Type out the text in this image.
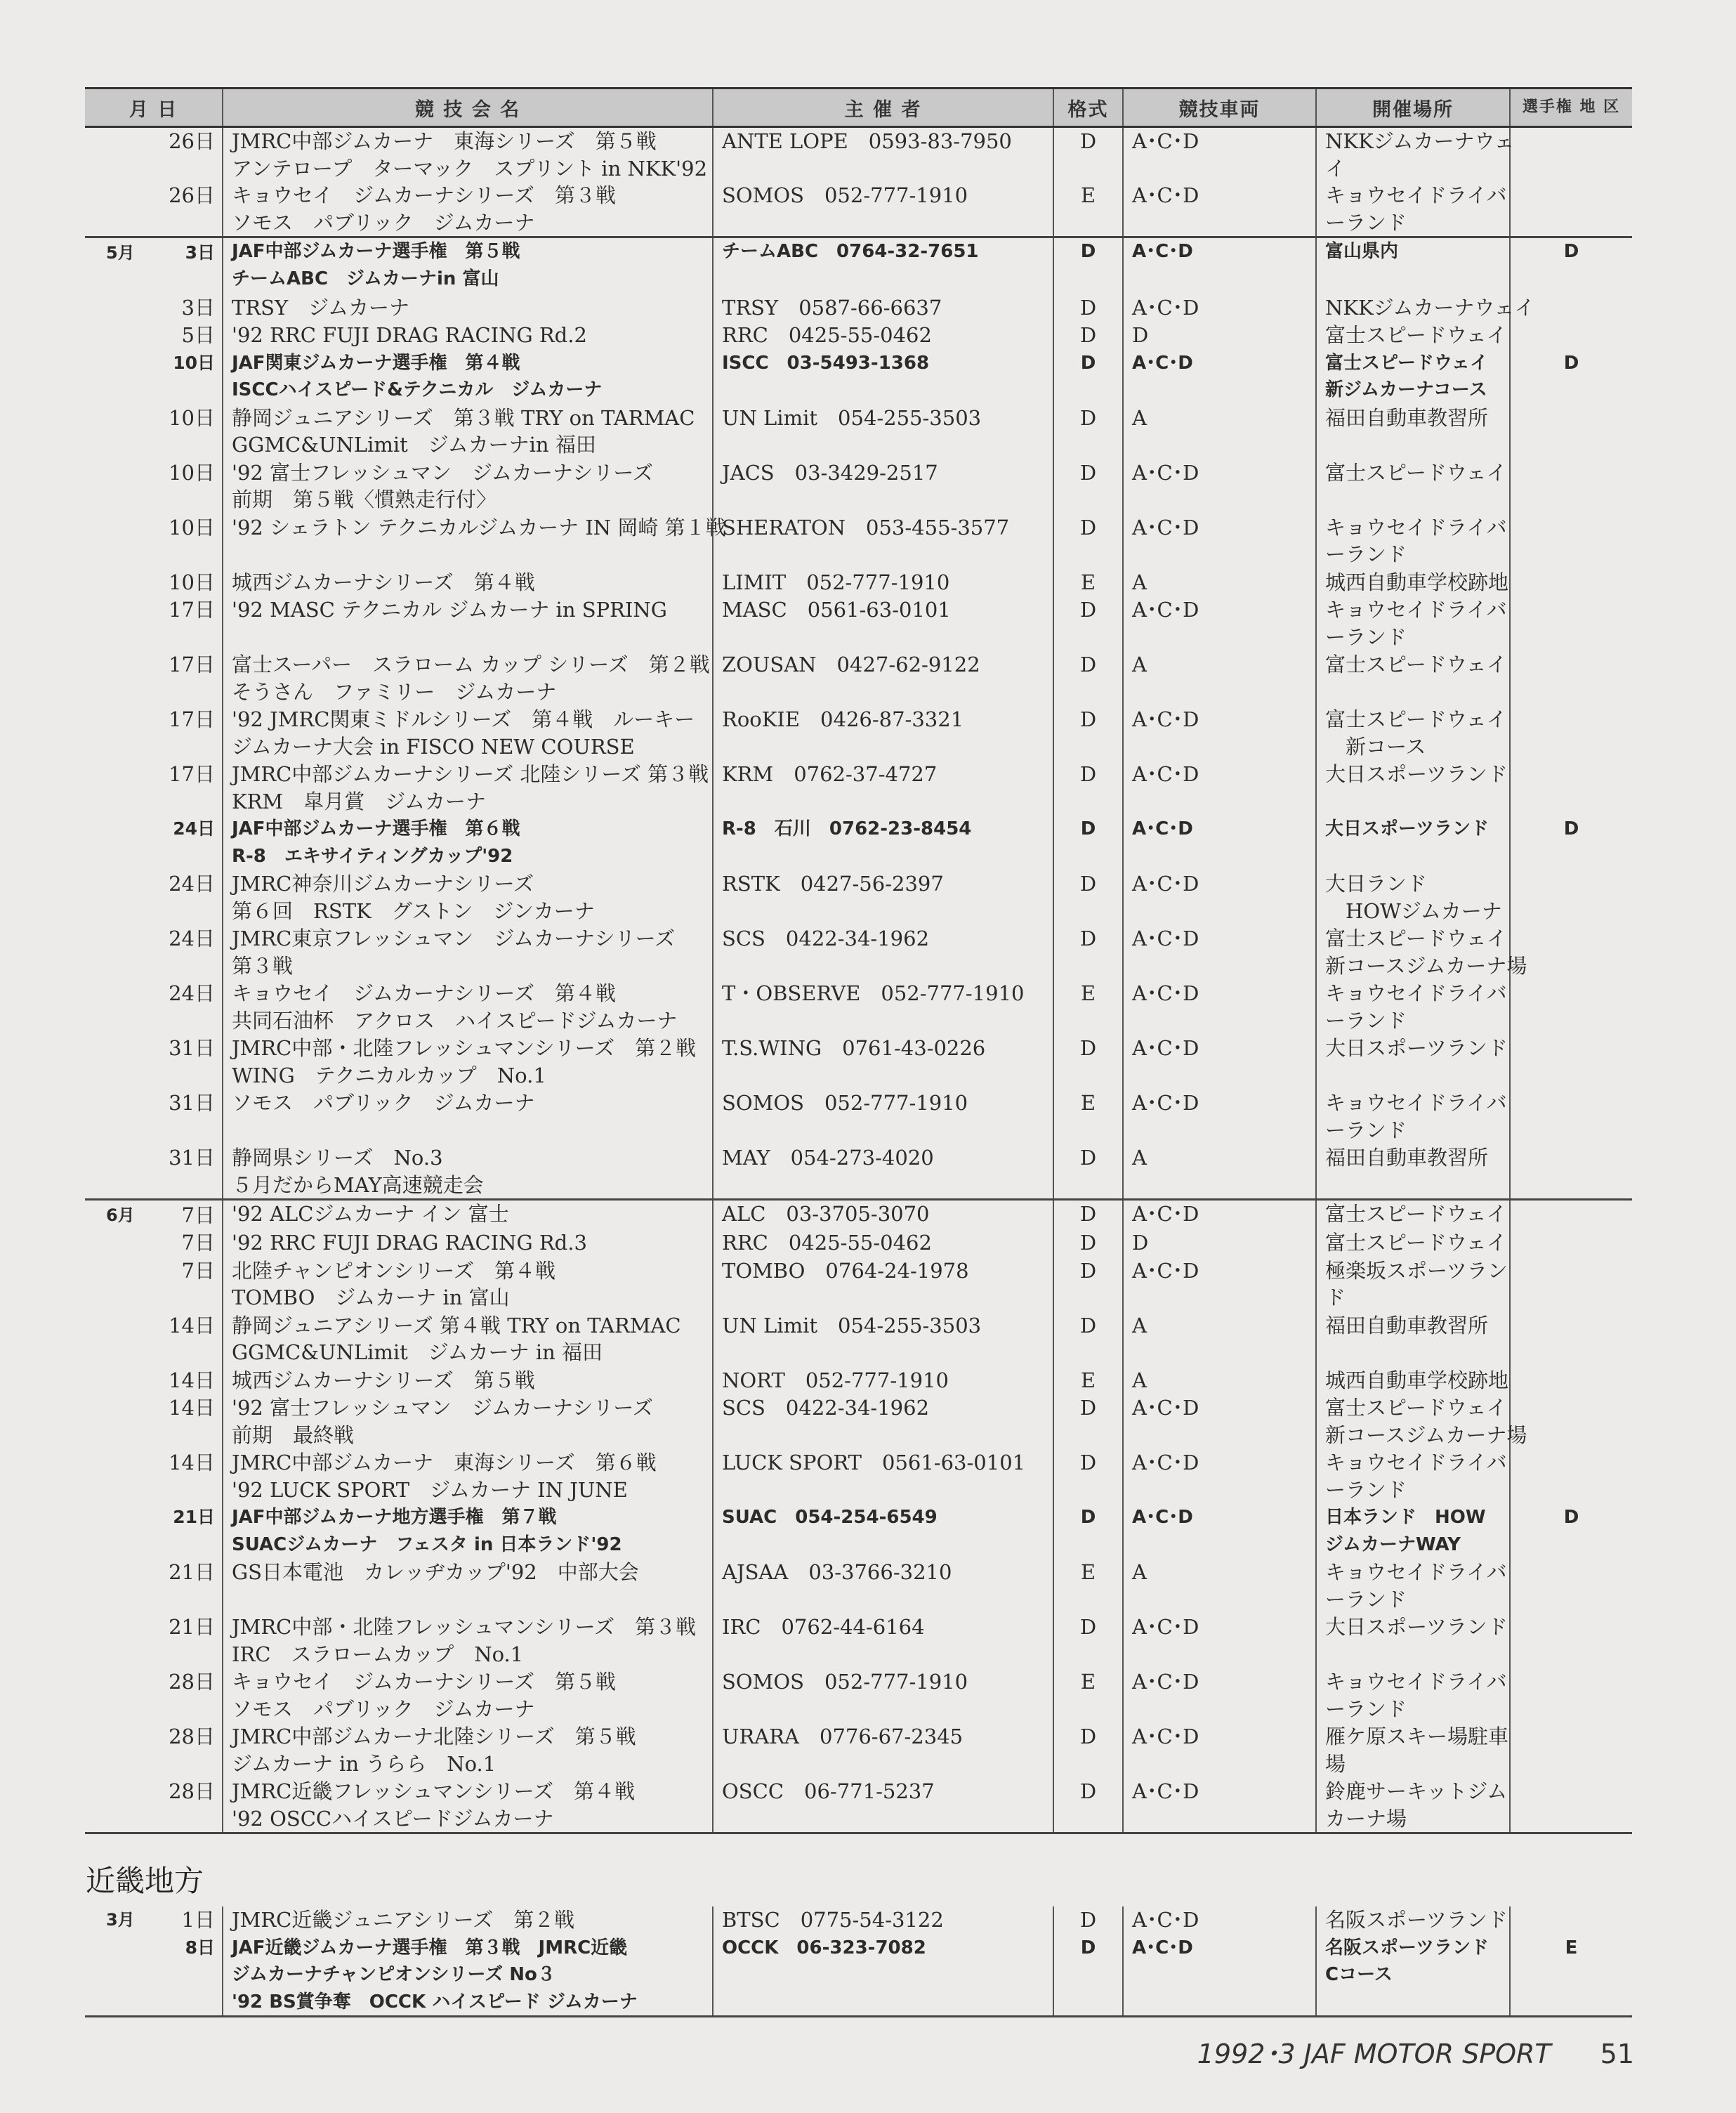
月 日	競 技 会 名	主 催 者	格式	競技車両	開催場所	選手権 地 区

26日	JMRC中部ジムカーナ　東海シリーズ　第５戦
アンテロープ　ターマック　スプリント in NKK'92	ANTE LOPE　0593-83-7950	D	A･C･D	NKKジムカーナウェ
イ	

26日	キョウセイ　ジムカーナシリーズ　第３戦
ソモス　パブリック　ジムカーナ	SOMOS　052-777-1910	E	A･C･D	キョウセイドライバ
ーランド	

5月 3日	JAF中部ジムカーナ選手権　第５戦
チームABC　ジムカーナin 富山	チームABC　0764-32-7651	D	A･C･D	富山県内	D

3日	TRSY　ジムカーナ	TRSY　0587-66-6637	D	A･C･D	NKKジムカーナウェイ	

5日	'92 RRC FUJI DRAG RACING Rd.2	RRC　0425-55-0462	D	D	富士スピードウェイ	

10日	JAF関東ジムカーナ選手権　第４戦
ISCCハイスピード&テクニカル　ジムカーナ	ISCC　03-5493-1368	D	A･C･D	富士スピードウェイ
新ジムカーナコース	D

10日	静岡ジュニアシリーズ　第３戦 TRY on TARMAC
GGMC&UNLimit　ジムカーナin 福田	UN Limit　054-255-3503	D	A	福田自動車教習所	

10日	'92 富士フレッシュマン　ジムカーナシリーズ
前期　第５戦〈慣熟走行付〉	JACS　03-3429-2517	D	A･C･D	富士スピードウェイ	

10日	'92 シェラトン テクニカルジムカーナ IN 岡崎 第１戦	SHERATON　053-455-3577	D	A･C･D	キョウセイドライバ
ーランド	

10日	城西ジムカーナシリーズ　第４戦	LIMIT　052-777-1910	E	A	城西自動車学校跡地	

17日	'92 MASC テクニカル ジムカーナ in SPRING	MASC　0561-63-0101	D	A･C･D	キョウセイドライバ
ーランド	

17日	富士スーパー　スラローム カップ シリーズ　第２戦
そうさん　ファミリー　ジムカーナ	ZOUSAN　0427-62-9122	D	A	富士スピードウェイ	

17日	'92 JMRC関東ミドルシリーズ　第４戦　ルーキー
ジムカーナ大会 in FISCO NEW COURSE	RooKIE　0426-87-3321	D	A･C･D	富士スピードウェイ
　新コース	

17日	JMRC中部ジムカーナシリーズ 北陸シリーズ 第３戦
KRM　皐月賞　ジムカーナ	KRM　0762-37-4727	D	A･C･D	大日スポーツランド	

24日	JAF中部ジムカーナ選手権　第６戦
R-8　エキサイティングカップ'92	R-8　石川　0762-23-8454	D	A･C･D	大日スポーツランド	D

24日	JMRC神奈川ジムカーナシリーズ
第６回　RSTK　グストン　ジンカーナ	RSTK　0427-56-2397	D	A･C･D	大日ランド
　HOWジムカーナ	

24日	JMRC東京フレッシュマン　ジムカーナシリーズ
第３戦	SCS　0422-34-1962	D	A･C･D	富士スピードウェイ
新コースジムカーナ場	

24日	キョウセイ　ジムカーナシリーズ　第４戦
共同石油杯　アクロス　ハイスピードジムカーナ	T・OBSERVE　052-777-1910	E	A･C･D	キョウセイドライバ
ーランド	

31日	JMRC中部・北陸フレッシュマンシリーズ　第２戦
WING　テクニカルカップ　No.1	T.S.WING　0761-43-0226	D	A･C･D	大日スポーツランド	

31日	ソモス　パブリック　ジムカーナ	SOMOS　052-777-1910	E	A･C･D	キョウセイドライバ
ーランド	

31日	静岡県シリーズ　No.3
５月だからMAY高速競走会	MAY　054-273-4020	D	A	福田自動車教習所	

6月 7日	'92 ALCジムカーナ イン 富士	ALC　03-3705-3070	D	A･C･D	富士スピードウェイ	

7日	'92 RRC FUJI DRAG RACING Rd.3	RRC　0425-55-0462	D	D	富士スピードウェイ	

7日	北陸チャンピオンシリーズ　第４戦
TOMBO　ジムカーナ in 富山	TOMBO　0764-24-1978	D	A･C･D	極楽坂スポーツラン
ド	

14日	静岡ジュニアシリーズ 第４戦 TRY on TARMAC
GGMC&UNLimit　ジムカーナ in 福田	UN Limit　054-255-3503	D	A	福田自動車教習所	

14日	城西ジムカーナシリーズ　第５戦	NORT　052-777-1910	E	A	城西自動車学校跡地	

14日	'92 富士フレッシュマン　ジムカーナシリーズ
前期　最終戦	SCS　0422-34-1962	D	A･C･D	富士スピードウェイ
新コースジムカーナ場	

14日	JMRC中部ジムカーナ　東海シリーズ　第６戦
'92 LUCK SPORT　ジムカーナ IN JUNE	LUCK SPORT　0561-63-0101	D	A･C･D	キョウセイドライバ
ーランド	

21日	JAF中部ジムカーナ地方選手権　第７戦
SUACジムカーナ　フェスタ in 日本ランド'92	SUAC　054-254-6549	D	A･C･D	日本ランド　HOW
ジムカーナWAY	D

21日	GS日本電池　カレッヂカップ'92　中部大会	AJSAA　03-3766-3210	E	A	キョウセイドライバ
ーランド	

21日	JMRC中部・北陸フレッシュマンシリーズ　第３戦
IRC　スラロームカップ　No.1	IRC　0762-44-6164	D	A･C･D	大日スポーツランド	

28日	キョウセイ　ジムカーナシリーズ　第５戦
ソモス　パブリック　ジムカーナ	SOMOS　052-777-1910	E	A･C･D	キョウセイドライバ
ーランド	

28日	JMRC中部ジムカーナ北陸シリーズ　第５戦
ジムカーナ in うらら　No.1	URARA　0776-67-2345	D	A･C･D	雁ケ原スキー場駐車
場	

28日	JMRC近畿フレッシュマンシリーズ　第４戦
'92 OSCCハイスピードジムカーナ	OSCC　06-771-5237	D	A･C･D	鈴鹿サーキットジム
カーナ場	

近畿地方
3月 1日	JMRC近畿ジュニアシリーズ　第２戦	BTSC　0775-54-3122	D	A･C･D	名阪スポーツランド	

8日	JAF近畿ジムカーナ選手権　第３戦　JMRC近畿
ジムカーナチャンピオンシリーズ No３
'92 BS賞争奪　OCCK ハイスピード ジムカーナ	OCCK　06-323-7082	D	A･C･D	名阪スポーツランド
Cコース	E
1992･3 JAF MOTOR SPORT 51
